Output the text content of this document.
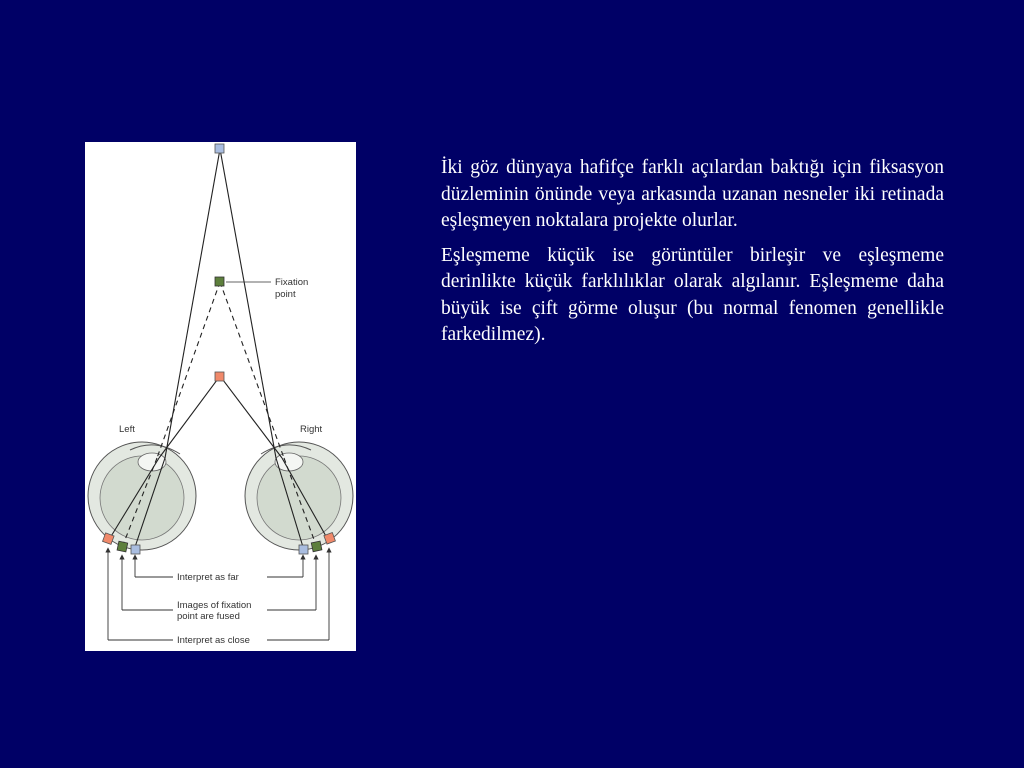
Fixation
point
Left	Right
Interpret as far
Images of fixation
point are fused
Interpret as close

İki göz dünyaya hafifçe farklı açılardan baktığı için fiksasyon düzleminin önünde veya arkasında uzanan nesneler iki retinada eşleşmeyen noktalara projekte olurlar.

Eşleşmeme küçük ise görüntüler birleşir ve eşleşmeme derinlikte küçük farklılıklar olarak algılanır. Eşleşmeme daha büyük ise çift görme oluşur (bu normal fenomen genellikle farkedilmez).
